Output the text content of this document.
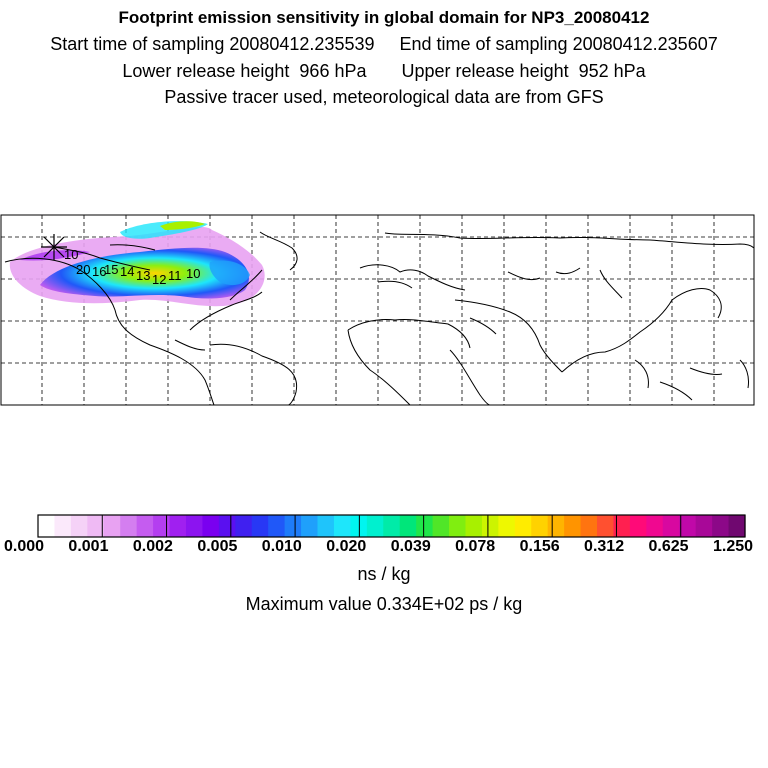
Footprint emission sensitivity in global domain for NP3_20080412
Start time of sampling 20080412.235539     End time of sampling 20080412.235607
Lower release height  966 hPa       Upper release height  952 hPa
Passive tracer used, meteorological data are from GFS
10
20 16
15 14 13 12 11 10
0.000 0.001 0.002 0.005 0.010 0.020 0.039 0.078 0.156 0.312 0.625 1.250
ns / kg
Maximum value 0.334E+02 ps / kg
